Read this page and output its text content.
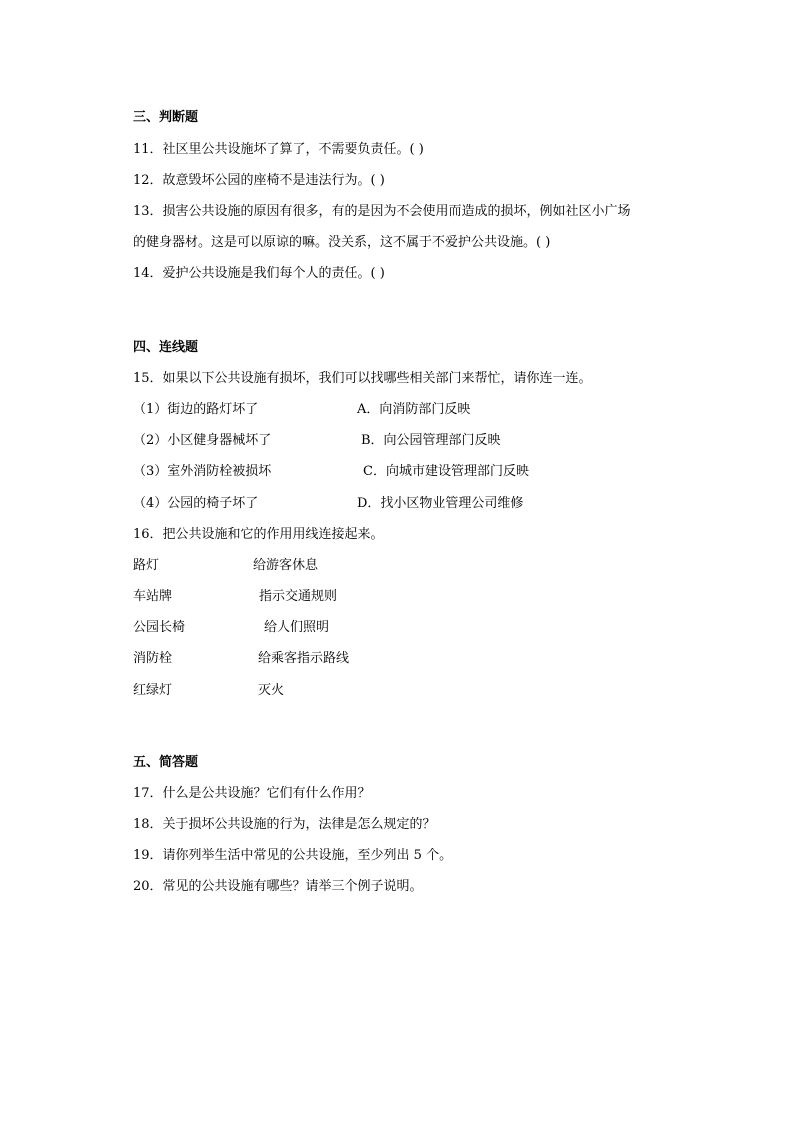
三、判断题
11．社区里公共设施坏了算了，不需要负责任。( )
12．故意毁坏公园的座椅不是违法行为。( )
13．损害公共设施的原因有很多，有的是因为不会使用而造成的损坏，例如社区小广场
的健身器材。这是可以原谅的嘛。没关系，这不属于不爱护公共设施。( )
14．爱护公共设施是我们每个人的责任。( )
四、连线题
15．如果以下公共设施有损坏，我们可以找哪些相关部门来帮忙，请你连一连。
（1）街边的路灯坏了	A．向消防部门反映
（2）小区健身器械坏了	B．向公园管理部门反映
（3）室外消防栓被损坏	C．向城市建设管理部门反映
（4）公园的椅子坏了	D．找小区物业管理公司维修
16．把公共设施和它的作用用线连接起来。
路灯	给游客休息
车站牌	指示交通规则
公园长椅	给人们照明
消防栓	给乘客指示路线
红绿灯	灭火
五、简答题
17．什么是公共设施？它们有什么作用？
18．关于损坏公共设施的行为，法律是怎么规定的？
19．请你列举生活中常见的公共设施，至少列出 5 个。
20．常见的公共设施有哪些？请举三个例子说明。
